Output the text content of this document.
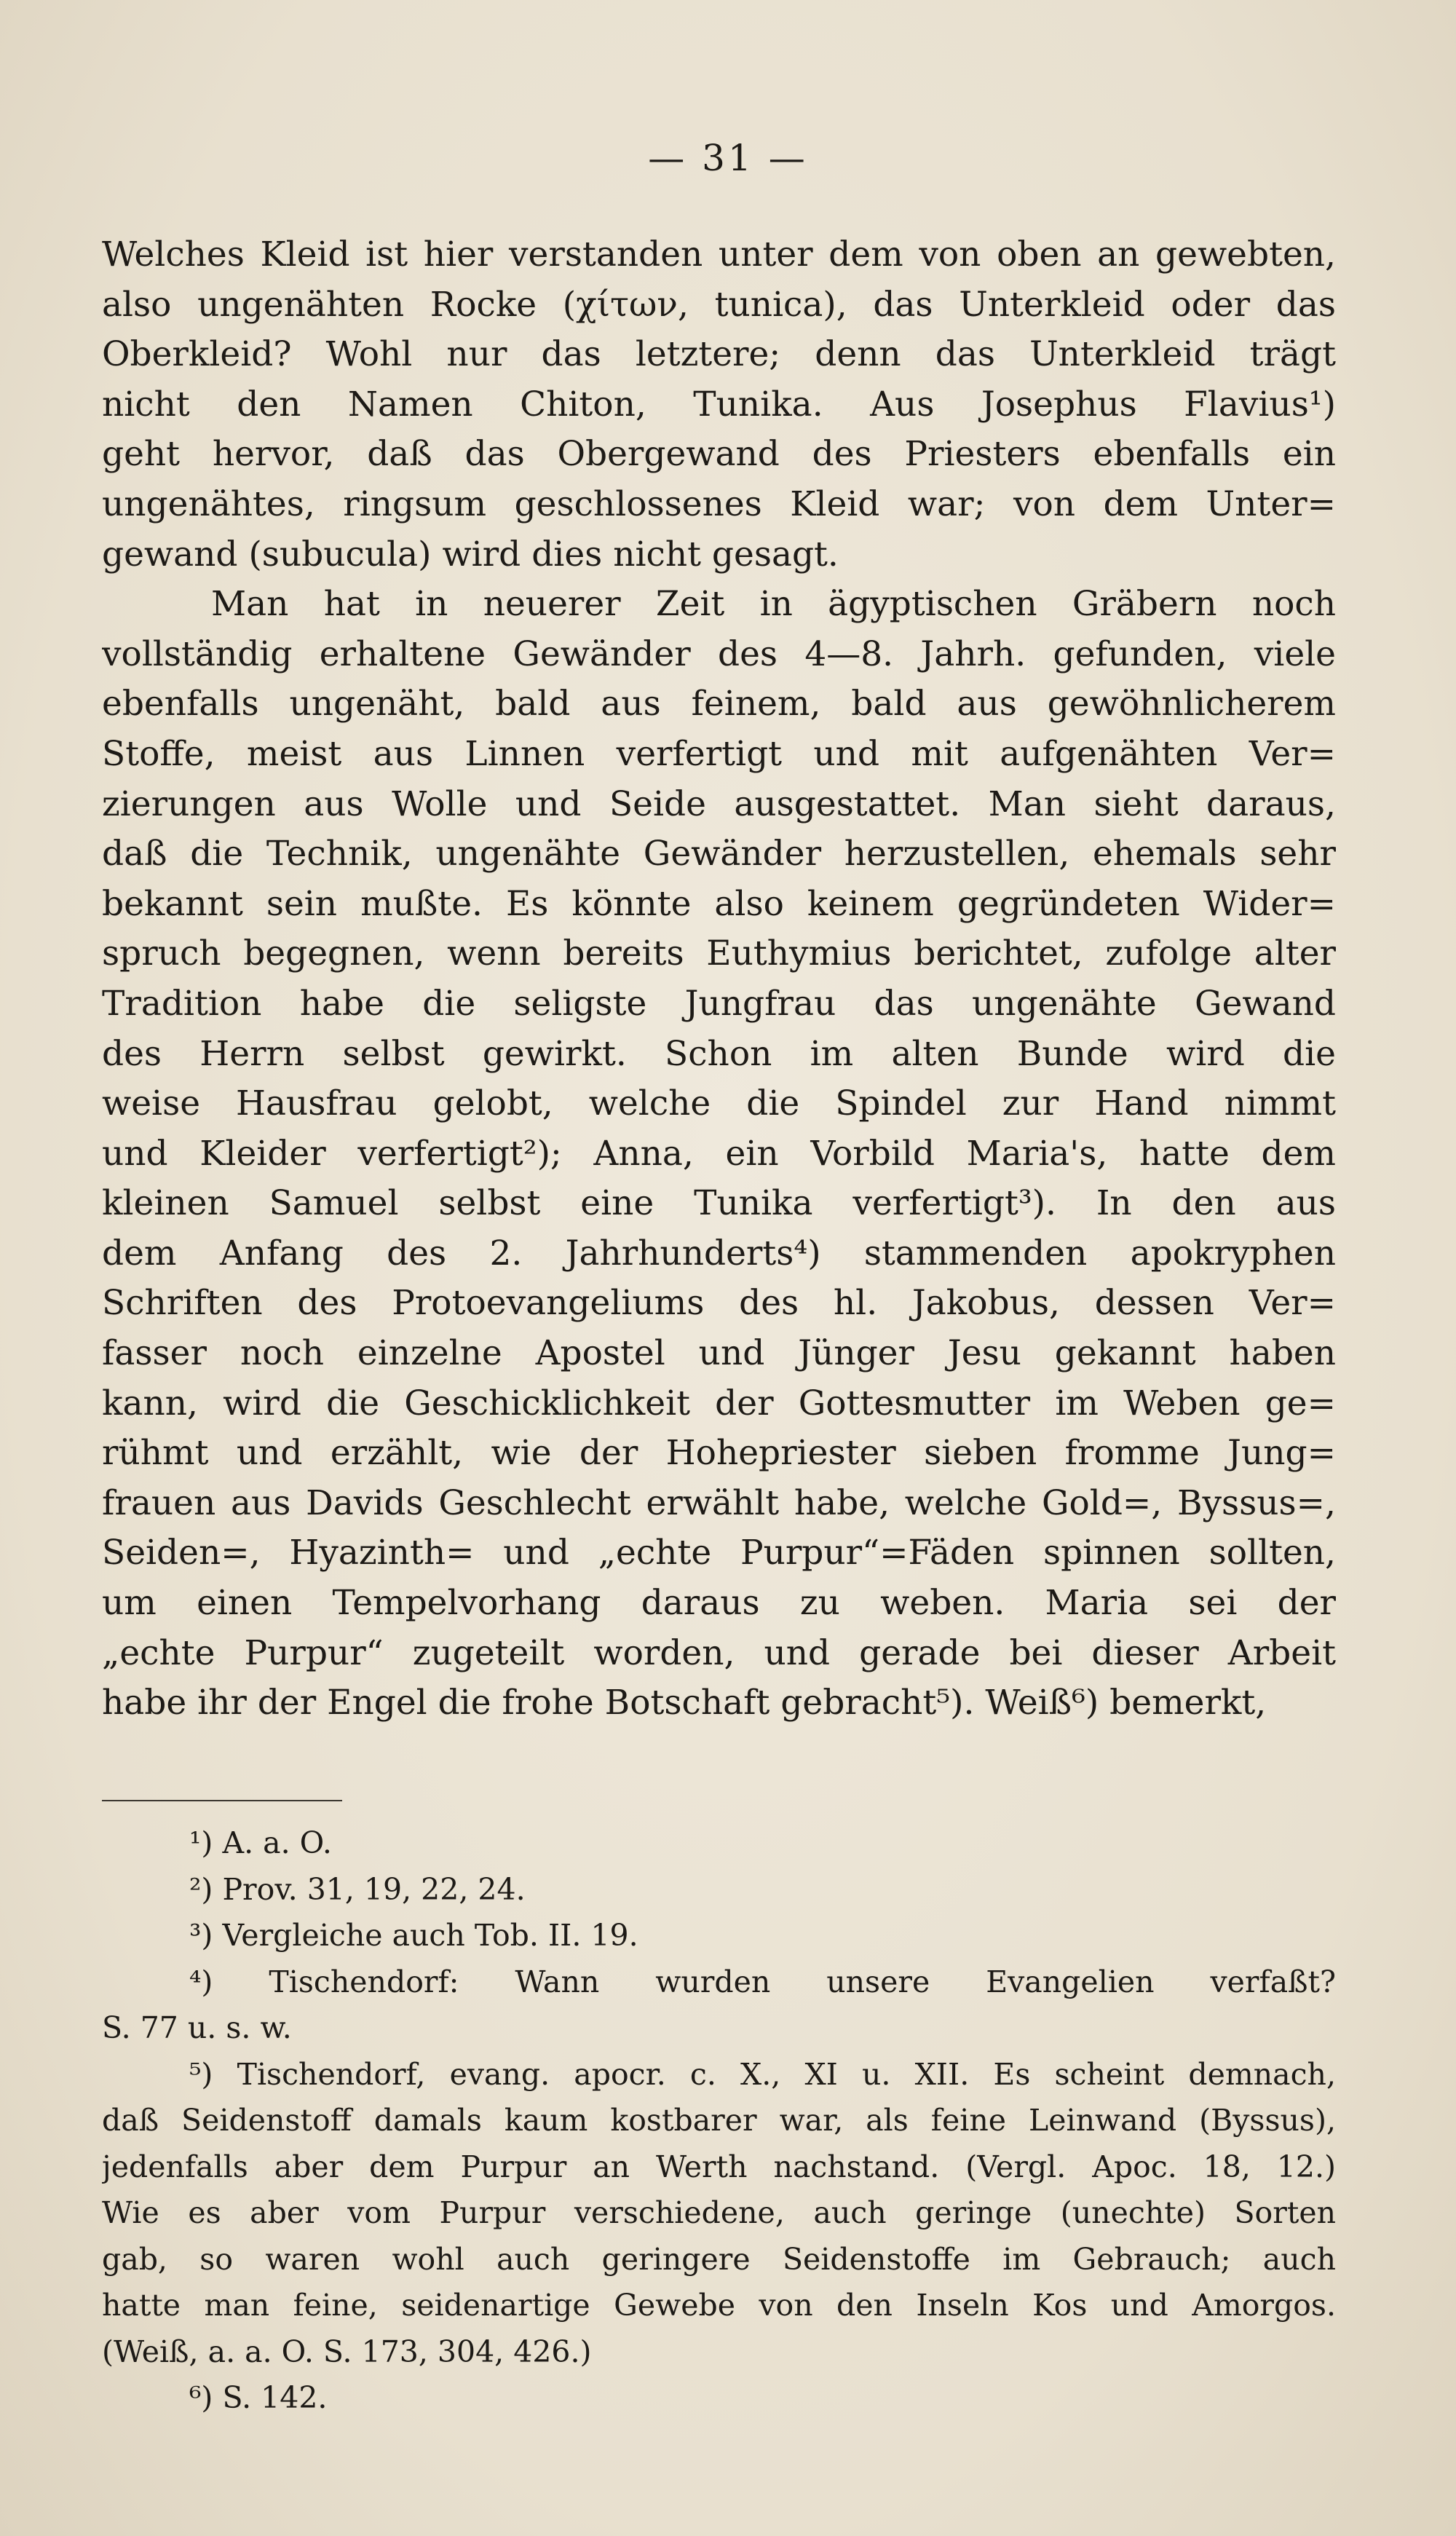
— 31 —
Welches Kleid ist hier verstanden unter dem von oben an gewebten,
also ungenähten Rocke (χίτων, tunica), das Unterkleid oder das
Oberkleid? Wohl nur das letztere; denn das Unterkleid trägt
nicht den Namen Chiton, Tunika. Aus Josephus Flavius¹)
geht hervor, daß das Obergewand des Priesters ebenfalls ein
ungenähtes, ringsum geschlossenes Kleid war; von dem Unter=
gewand (subucula) wird dies nicht gesagt.
Man hat in neuerer Zeit in ägyptischen Gräbern noch
vollständig erhaltene Gewänder des 4—8. Jahrh. gefunden, viele
ebenfalls ungenäht, bald aus feinem, bald aus gewöhnlicherem
Stoffe, meist aus Linnen verfertigt und mit aufgenähten Ver=
zierungen aus Wolle und Seide ausgestattet. Man sieht daraus,
daß die Technik, ungenähte Gewänder herzustellen, ehemals sehr
bekannt sein mußte. Es könnte also keinem gegründeten Wider=
spruch begegnen, wenn bereits Euthymius berichtet, zufolge alter
Tradition habe die seligste Jungfrau das ungenähte Gewand
des Herrn selbst gewirkt. Schon im alten Bunde wird die
weise Hausfrau gelobt, welche die Spindel zur Hand nimmt
und Kleider verfertigt²); Anna, ein Vorbild Maria's, hatte dem
kleinen Samuel selbst eine Tunika verfertigt³). In den aus
dem Anfang des 2. Jahrhunderts⁴) stammenden apokryphen
Schriften des Protoevangeliums des hl. Jakobus, dessen Ver=
fasser noch einzelne Apostel und Jünger Jesu gekannt haben
kann, wird die Geschicklichkeit der Gottesmutter im Weben ge=
rühmt und erzählt, wie der Hohepriester sieben fromme Jung=
frauen aus Davids Geschlecht erwählt habe, welche Gold=, Byssus=,
Seiden=, Hyazinth= und „echte Purpur“=Fäden spinnen sollten,
um einen Tempelvorhang daraus zu weben. Maria sei der
„echte Purpur“ zugeteilt worden, und gerade bei dieser Arbeit
habe ihr der Engel die frohe Botschaft gebracht⁵). Weiß⁶) bemerkt,
¹) A. a. O.
²) Prov. 31, 19, 22, 24.
³) Vergleiche auch Tob. II. 19.
⁴) Tischendorf: Wann wurden unsere Evangelien verfaßt?
S. 77 u. s. w.
⁵) Tischendorf, evang. apocr. c. X., XI u. XII. Es scheint demnach,
daß Seidenstoff damals kaum kostbarer war, als feine Leinwand (Byssus),
jedenfalls aber dem Purpur an Werth nachstand. (Vergl. Apoc. 18, 12.)
Wie es aber vom Purpur verschiedene, auch geringe (unechte) Sorten
gab, so waren wohl auch geringere Seidenstoffe im Gebrauch; auch
hatte man feine, seidenartige Gewebe von den Inseln Kos und Amorgos.
(Weiß, a. a. O. S. 173, 304, 426.)
⁶) S. 142.
